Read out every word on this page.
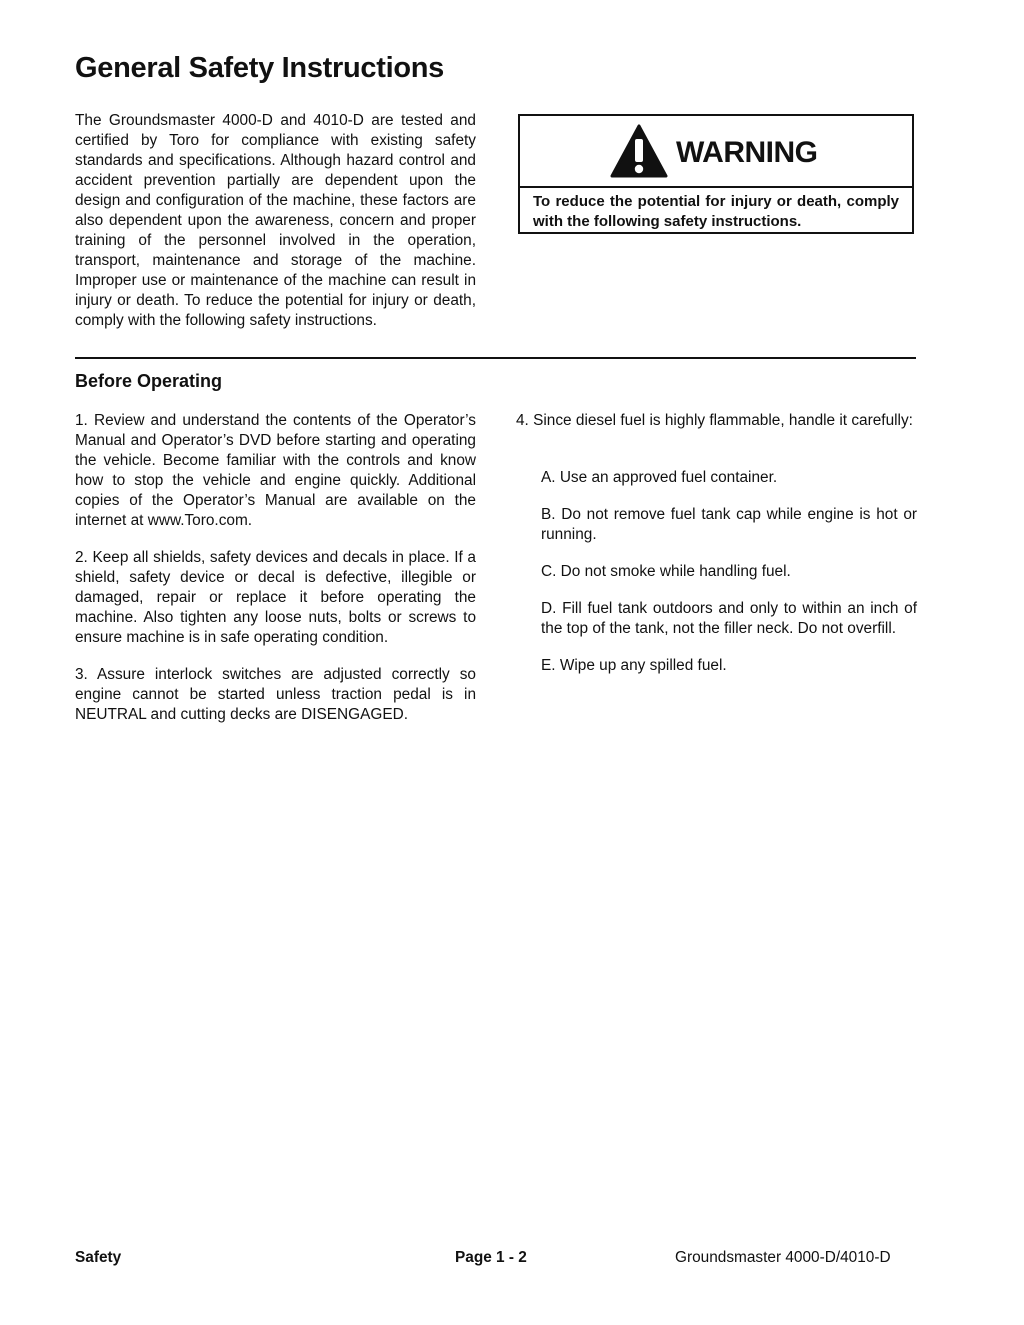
General Safety Instructions

The Groundsmaster 4000-D and 4010-D are tested and certified by Toro for compliance with existing safety standards and specifications. Although hazard control and accident prevention partially are dependent upon the design and configuration of the machine, these factors are also dependent upon the awareness, concern and proper training of the personnel involved in the operation, transport, maintenance and storage of the machine. Improper use or maintenance of the machine can result in injury or death. To reduce the potential for injury or death, comply with the following safety instructions.

WARNING

To reduce the potential for injury or death, comply with the following safety instructions.

Before Operating

1. Review and understand the contents of the Operator’s Manual and Operator’s DVD before starting and operating the vehicle. Become familiar with the controls and know how to stop the vehicle and engine quickly. Additional copies of the Operator’s Manual are available on the internet at www.Toro.com.

2. Keep all shields, safety devices and decals in place. If a shield, safety device or decal is defective, illegible or damaged, repair or replace it before operating the machine. Also tighten any loose nuts, bolts or screws to ensure machine is in safe operating condition.

3. Assure interlock switches are adjusted correctly so engine cannot be started unless traction pedal is in NEUTRAL and cutting decks are DISENGAGED.

4. Since diesel fuel is highly flammable, handle it carefully:

A. Use an approved fuel container.

B. Do not remove fuel tank cap while engine is hot or running.

C. Do not smoke while handling fuel.

D. Fill fuel tank outdoors and only to within an inch of the top of the tank, not the filler neck. Do not overfill.

E. Wipe up any spilled fuel.

Safety	Page 1 - 2	Groundsmaster 4000-D/4010-D
